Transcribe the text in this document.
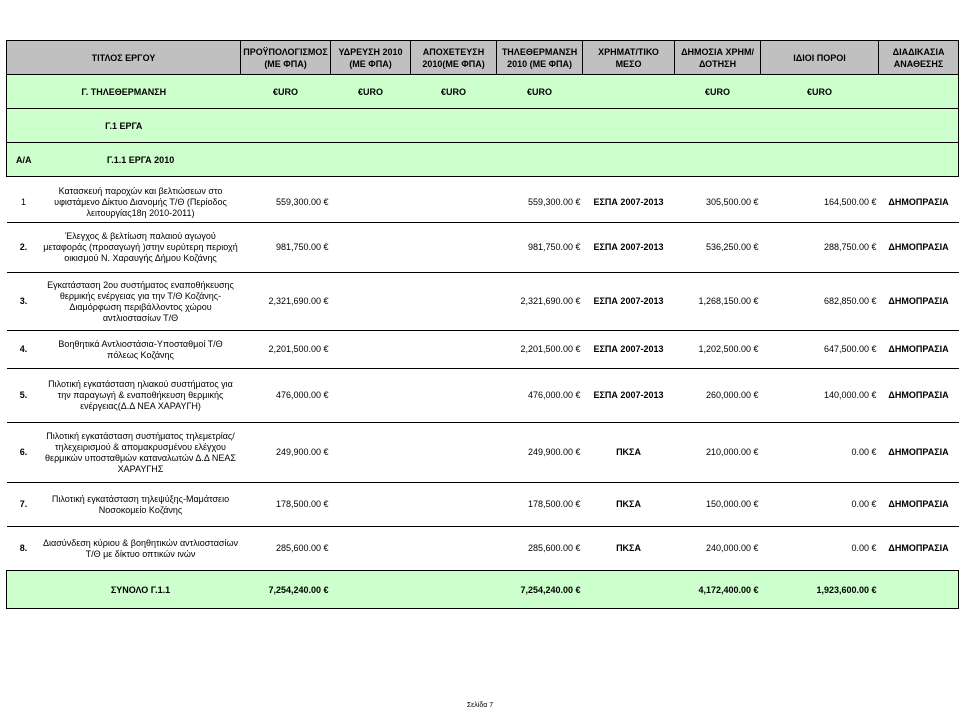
ΤΙΤΛΟΣ ΕΡΓΟΥ		ΠΡΟΫΠΟΛΟΓΙΣΜΟΣ (ΜΕ ΦΠΑ)	ΥΔΡΕΥΣΗ 2010 (ΜΕ ΦΠΑ)	ΑΠΟΧΕΤΕΥΣΗ 2010(ΜΕ ΦΠΑ)	ΤΗΛΕΘΕΡΜΑΝΣΗ 2010 (ΜΕ ΦΠΑ)	ΧΡΗΜΑΤ/ΤΙΚΟ ΜΕΣΟ	ΔΗΜΟΣΙΑ ΧΡΗΜ/ΔΟΤΗΣΗ	ΙΔΙΟΙ ΠΟΡΟΙ		ΔΙΑΔΙΚΑΣΙΑ ΑΝΑΘΕΣΗΣ
Γ. ΤΗΛΕΘΕΡΜΑΝΣΗ		€URO	€URO	€URO	€URO		€URO	€URO		
Γ.1 ΕΡΓΑ										
Α/Α	Γ.1.1 ΕΡΓΑ 2010									

1	Κατασκευή παροχών και βελτιώσεων στο υφιστάμενο Δίκτυο Διανομής Τ/Θ (Περίοδος λειτουργίας18η 2010-2011)	559,300.00 €			559,300.00 €	ΕΣΠΑ 2007-2013	305,500.00 €	164,500.00 €		ΔΗΜΟΠΡΑΣΙΑ
2.	Έλεγχος & βελτίωση παλαιού αγωγού μεταφοράς (προσαγωγή )στην ευρύτερη περιοχή οικισμού Ν. Χαραυγής Δήμου Κοζάνης	981,750.00 €			981,750.00 €	ΕΣΠΑ 2007-2013	536,250.00 €	288,750.00 €		ΔΗΜΟΠΡΑΣΙΑ
3.	Εγκατάσταση 2ου συστήματος εναποθήκευσης θερμικής ενέργειας για την Τ/Θ Κοζάνης-Διαμόρφωση περιβάλλοντος χώρου αντλιοστασίων Τ/Θ	2,321,690.00 €			2,321,690.00 €	ΕΣΠΑ 2007-2013	1,268,150.00 €	682,850.00 €		ΔΗΜΟΠΡΑΣΙΑ
4.	Βοηθητικά Αντλιοστάσια-Υποσταθμοί Τ/Θ πόλεως Κοζάνης	2,201,500.00 €			2,201,500.00 €	ΕΣΠΑ 2007-2013	1,202,500.00 €	647,500.00 €		ΔΗΜΟΠΡΑΣΙΑ
5.	Πιλοτική εγκατάσταση ηλιακού συστήματος για την παραγωγή & εναποθήκευση θερμικής ενέργειας(Δ.Δ ΝΕΑ ΧΑΡΑΥΓΗ)	476,000.00 €			476,000.00 €	ΕΣΠΑ 2007-2013	260,000.00 €	140,000.00 €		ΔΗΜΟΠΡΑΣΙΑ
6.	Πιλοτική εγκατάσταση συστήματος τηλεμετρίας/τηλεχειρισμού & απομακρυσμένου ελέγχου θερμικών υποσταθμών καταναλωτών Δ.Δ ΝΕΑΣ ΧΑΡΑΥΓΗΣ	249,900.00 €			249,900.00 €	ΠΚΣΑ	210,000.00 €	0.00 €		ΔΗΜΟΠΡΑΣΙΑ
7.	Πιλοτική εγκατάσταση τηλεψύξης-Μαμάτσειο Νοσοκομείο Κοζάνης	178,500.00 €			178,500.00 €	ΠΚΣΑ	150,000.00 €	0.00 €		ΔΗΜΟΠΡΑΣΙΑ
8.	Διασύνδεση κύριου & βοηθητικών αντλιοστασίων Τ/Θ με δίκτυο οπτικών ινών	285,600.00 €			285,600.00 €	ΠΚΣΑ	240,000.00 €	0.00 €		ΔΗΜΟΠΡΑΣΙΑ
	ΣΥΝΟΛΟ Γ.1.1	7,254,240.00 €			7,254,240.00 €		4,172,400.00 €	1,923,600.00 €		
Σελίδα 7
